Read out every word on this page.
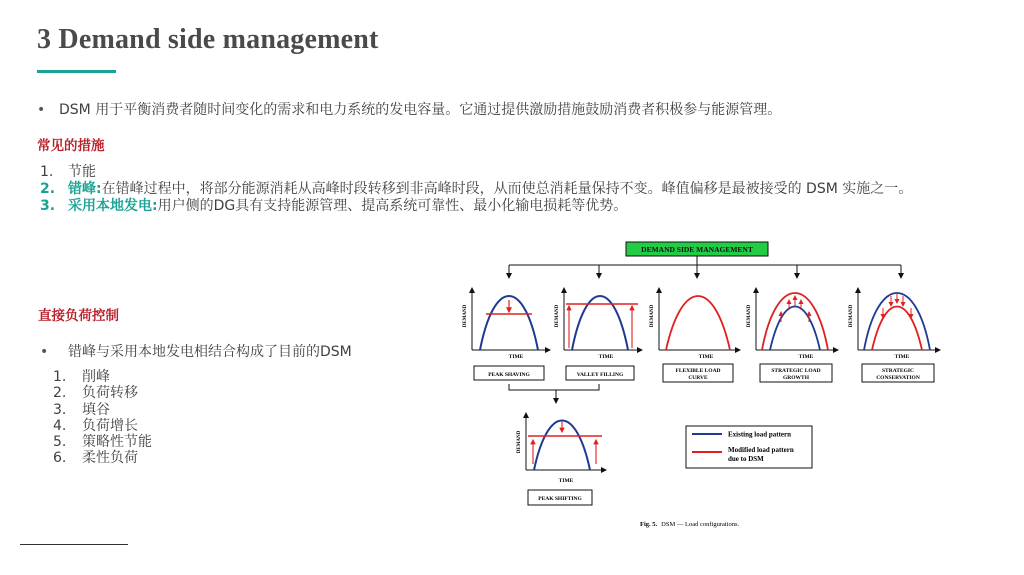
3 Demand side management
• DSM 用于平衡消费者随时间变化的需求和电力系统的发电容量。它通过提供激励措施鼓励消费者积极参与能源管理。
常见的措施
1. 节能
2. 错峰:在错峰过程中，将部分能源消耗从高峰时段转移到非高峰时段，从而使总消耗量保持不变。峰值偏移是最被接受的 DSM 实施之一。
3. 采用本地发电:用户侧的DG具有支持能源管理、提高系统可靠性、最小化输电损耗等优势。
直接负荷控制
• 错峰与采用本地发电相结合构成了目前的DSM
1. 削峰
2. 负荷转移
3. 填谷
4. 负荷增长
5. 策略性节能
6. 柔性负荷
DEMAND SIDE MANAGEMENT
DEMAND
TIME
PEAK SHAVING
DEMAND
TIME
VALLEY FILLING
DEMAND
TIME
FLEXIBLE LOAD
CURVE
DEMAND
TIME
STRATEGIC LOAD
GROWTH
DEMAND
TIME
STRATEGIC
CONSERVATION
DEMAND
TIME
PEAK SHIFTING
Existing load pattern
Modified load pattern
due to DSM
Fig. 5. DSM — Load configurations.
